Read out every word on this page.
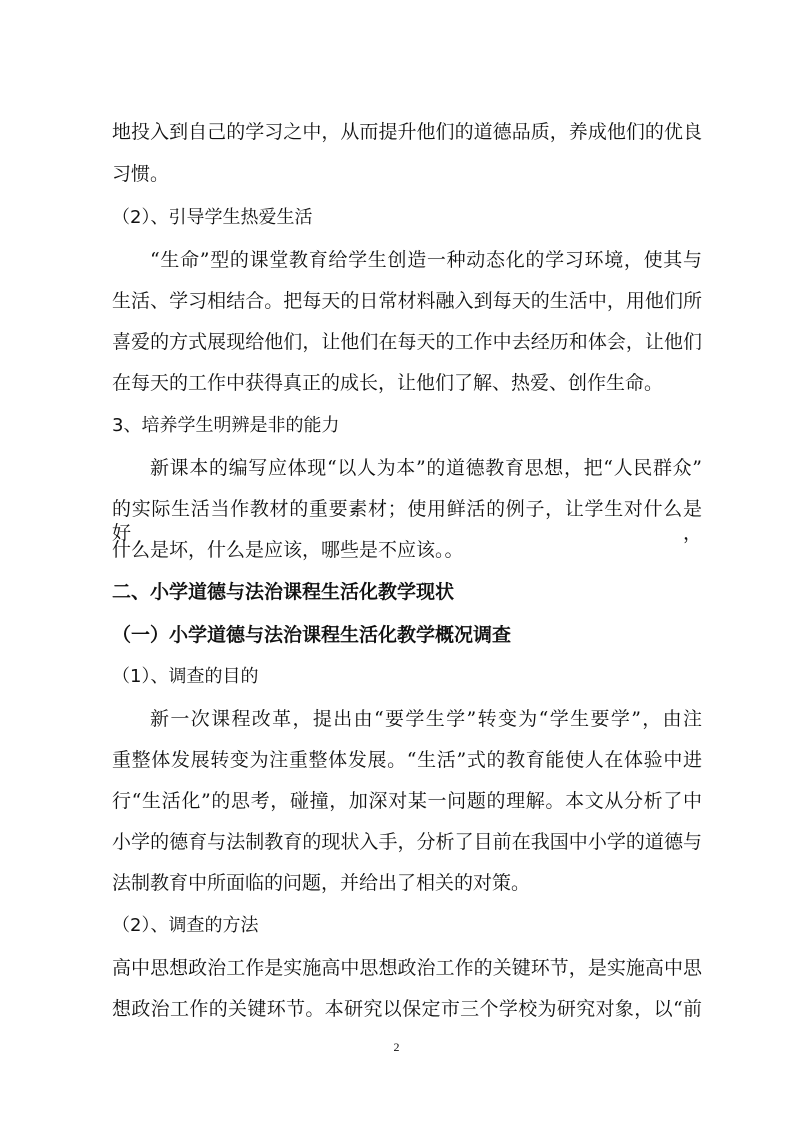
地投入到自己的学习之中，从而提升他们的道德品质，养成他们的优良
习惯。
（2）、引导学生热爱生活
“生命”型的课堂教育给学生创造一种动态化的学习环境，使其与
生活、学习相结合。把每天的日常材料融入到每天的生活中，用他们所
喜爱的方式展现给他们，让他们在每天的工作中去经历和体会，让他们
在每天的工作中获得真正的成长，让他们了解、热爱、创作生命。
3、培养学生明辨是非的能力
新课本的编写应体现“以人为本”的道德教育思想，把“人民群众”
的实际生活当作教材的重要素材；使用鲜活的例子，让学生对什么是好，
什么是坏，什么是应该，哪些是不应该。。
二、小学道德与法治课程生活化教学现状
（一）小学道德与法治课程生活化教学概况调查
（1）、调查的目的
新一次课程改革，提出由“要学生学”转变为“学生要学”，由注
重整体发展转变为注重整体发展。“生活”式的教育能使人在体验中进
行“生活化”的思考，碰撞，加深对某一问题的理解。本文从分析了中
小学的德育与法制教育的现状入手，分析了目前在我国中小学的道德与
法制教育中所面临的问题，并给出了相关的对策。
（2）、调查的方法
高中思想政治工作是实施高中思想政治工作的关键环节，是实施高中思
想政治工作的关键环节。本研究以保定市三个学校为研究对象，以“前
2
